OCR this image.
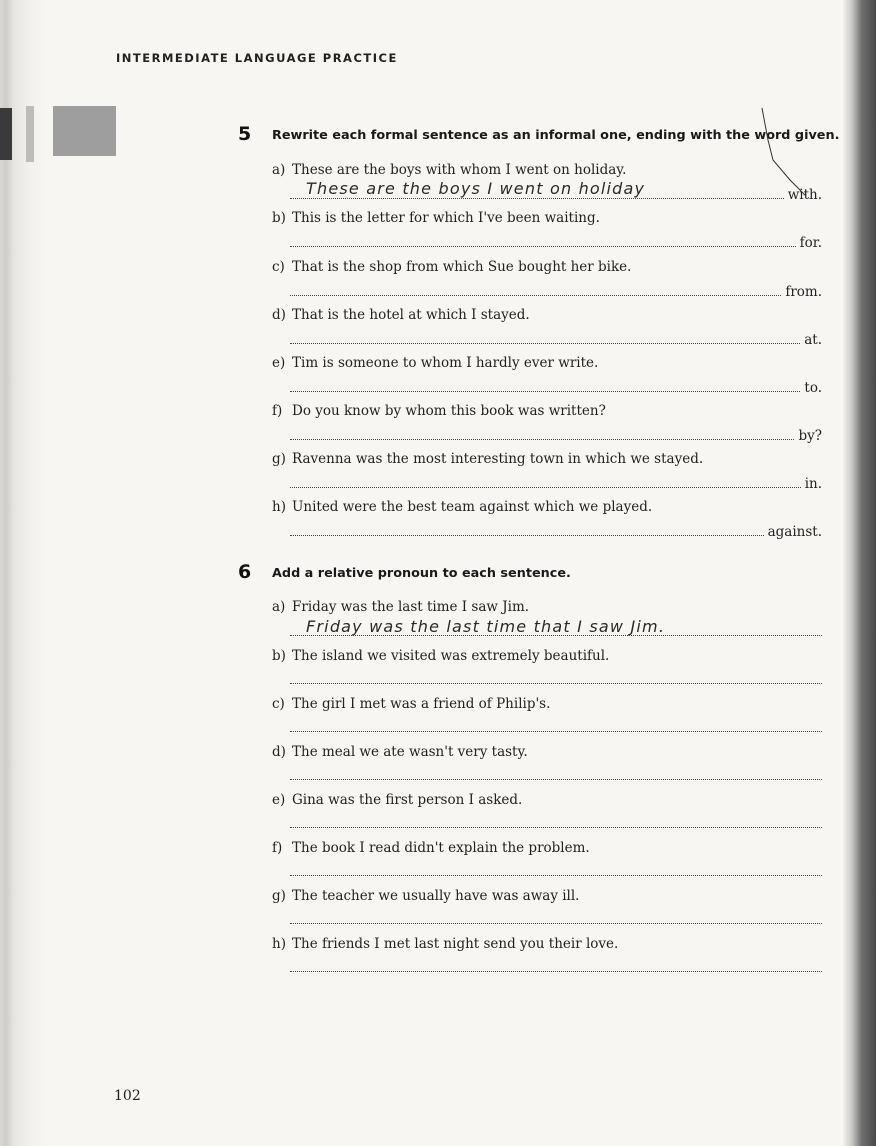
INTERMEDIATE LANGUAGE PRACTICE
5 Rewrite each formal sentence as an informal one, ending with the word given.
a) These are the boys with whom I went on holiday.
with.
These are the boys I went on holiday
b) This is the letter for which I've been waiting.
for.
c) That is the shop from which Sue bought her bike.
from.
d) That is the hotel at which I stayed.
at.
e) Tim is someone to whom I hardly ever write.
to.
f) Do you know by whom this book was written?
by?
g) Ravenna was the most interesting town in which we stayed.
in.
h) United were the best team against which we played.
against.
6 Add a relative pronoun to each sentence.
a) Friday was the last time I saw Jim.
Friday was the last time that I saw Jim.
b) The island we visited was extremely beautiful.
c) The girl I met was a friend of Philip's.
d) The meal we ate wasn't very tasty.
e) Gina was the first person I asked.
f) The book I read didn't explain the problem.
g) The teacher we usually have was away ill.
h) The friends I met last night send you their love.
102
